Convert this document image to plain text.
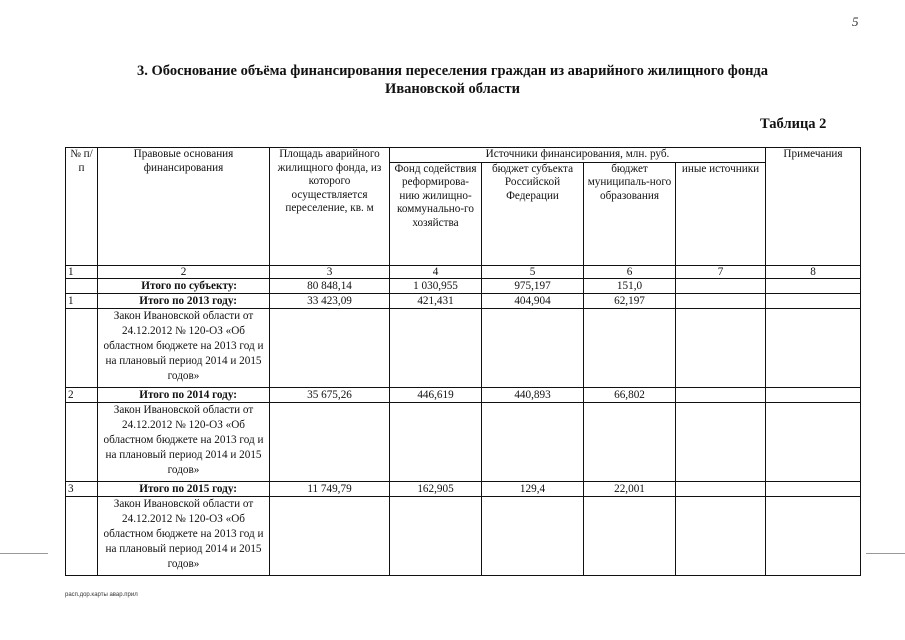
5
3. Обоснование объёма финансирования переселения граждан из аварийного жилищного фонда
Ивановской области
Таблица 2
№ п/п	Правовые основания финансирования	Площадь аварийного жилищного фонда, из которого осуществляется переселение, кв. м	Источники финансирования, млн. руб.				Примечания
			Фонд содействия реформирова-нию жилищно-коммунально-го хозяйства	бюджет субъекта Российской Федерации	бюджет муниципаль-ного образования	иные источники	
1	2	3	4	5	6	7	8
	Итого по субъекту:	80 848,14	1 030,955	975,197	151,0		
1	Итого по 2013 году:	33 423,09	421,431	404,904	62,197		
	Закон Ивановской области от 24.12.2012 № 120-ОЗ «Об областном бюджете на 2013 год и на плановый период 2014 и 2015 годов»						
2	Итого по 2014 году:	35 675,26	446,619	440,893	66,802		
	Закон Ивановской области от 24.12.2012 № 120-ОЗ «Об областном бюджете на 2013 год и на плановый период 2014 и 2015 годов»						
3	Итого по 2015 году:	11 749,79	162,905	129,4	22,001		
	Закон Ивановской области от 24.12.2012 № 120-ОЗ «Об областном бюджете на 2013 год и на плановый период 2014 и 2015 годов»						
расп.дор.карты авар.прил
